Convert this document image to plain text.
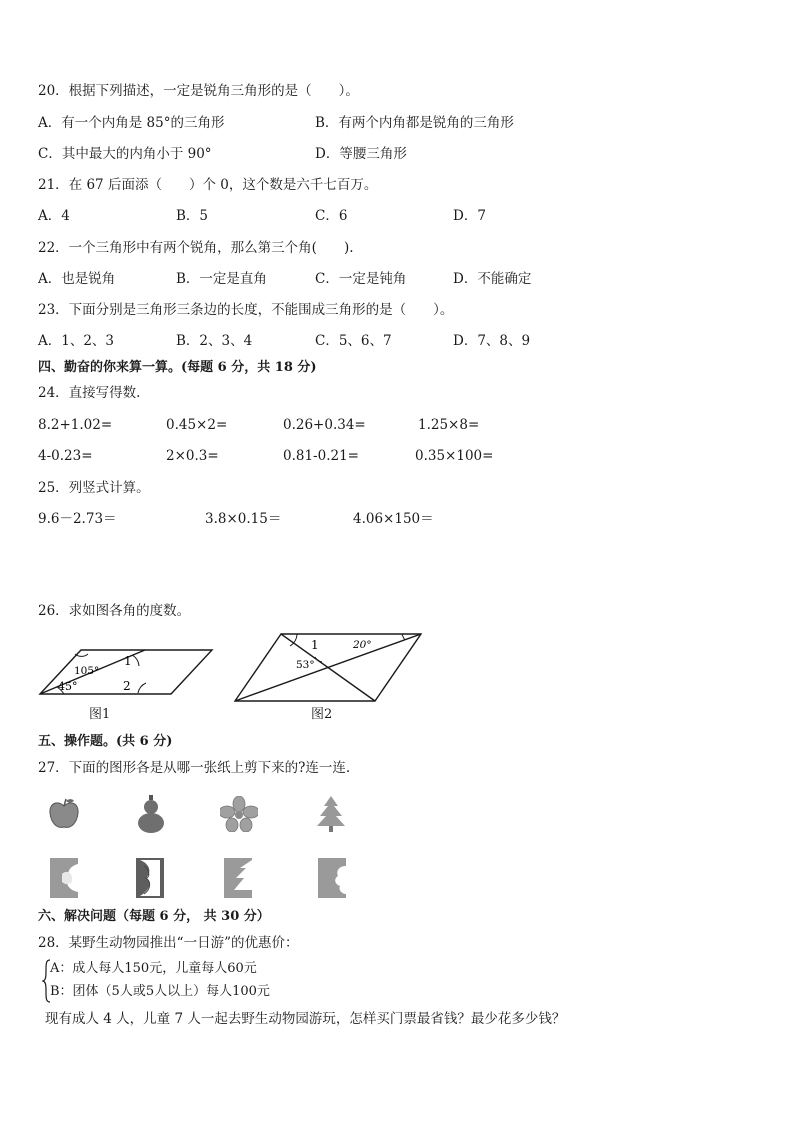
20．根据下列描述，一定是锐角三角形的是（　　）。
A．有一个内角是 85°的三角形	B．有两个内角都是锐角的三角形
C．其中最大的内角小于 90°	D．等腰三角形
21．在 67 后面添（　　）个 0，这个数是六千七百万。
A．4	B．5	C．6	D．7
22．一个三角形中有两个锐角，那么第三个角(　　).
A．也是锐角	B．一定是直角	C．一定是钝角	D．不能确定
23．下面分别是三角形三条边的长度，不能围成三角形的是（　　）。
A．1、2、3	B．2、3、4	C．5、6、7	D．7、8、9
四、勤奋的你来算一算。(每题 6 分，共 18 分)
24．直接写得数.
8.2+1.02=	0.45×2=	0.26+0.34=	1.25×8=
4-0.23=	2×0.3=	0.81-0.21=	0.35×100=
25．列竖式计算。
9.6－2.73＝	3.8×0.15＝	4.06×150＝
26．求如图各角的度数。
105°
45°
1
2
图1
1	20°
53°
图2
五、操作题。(共 6 分)
27．下面的图形各是从哪一张纸上剪下来的?连一连.
六、解决问题（每题 6 分， 共 30 分）
28．某野生动物园推出“一日游”的优惠价：
A：成人每人150元，儿童每人60元
B：团体（5人或5人以上）每人100元
现有成人 4 人，儿童 7 人一起去野生动物园游玩，怎样买门票最省钱？最少花多少钱？
